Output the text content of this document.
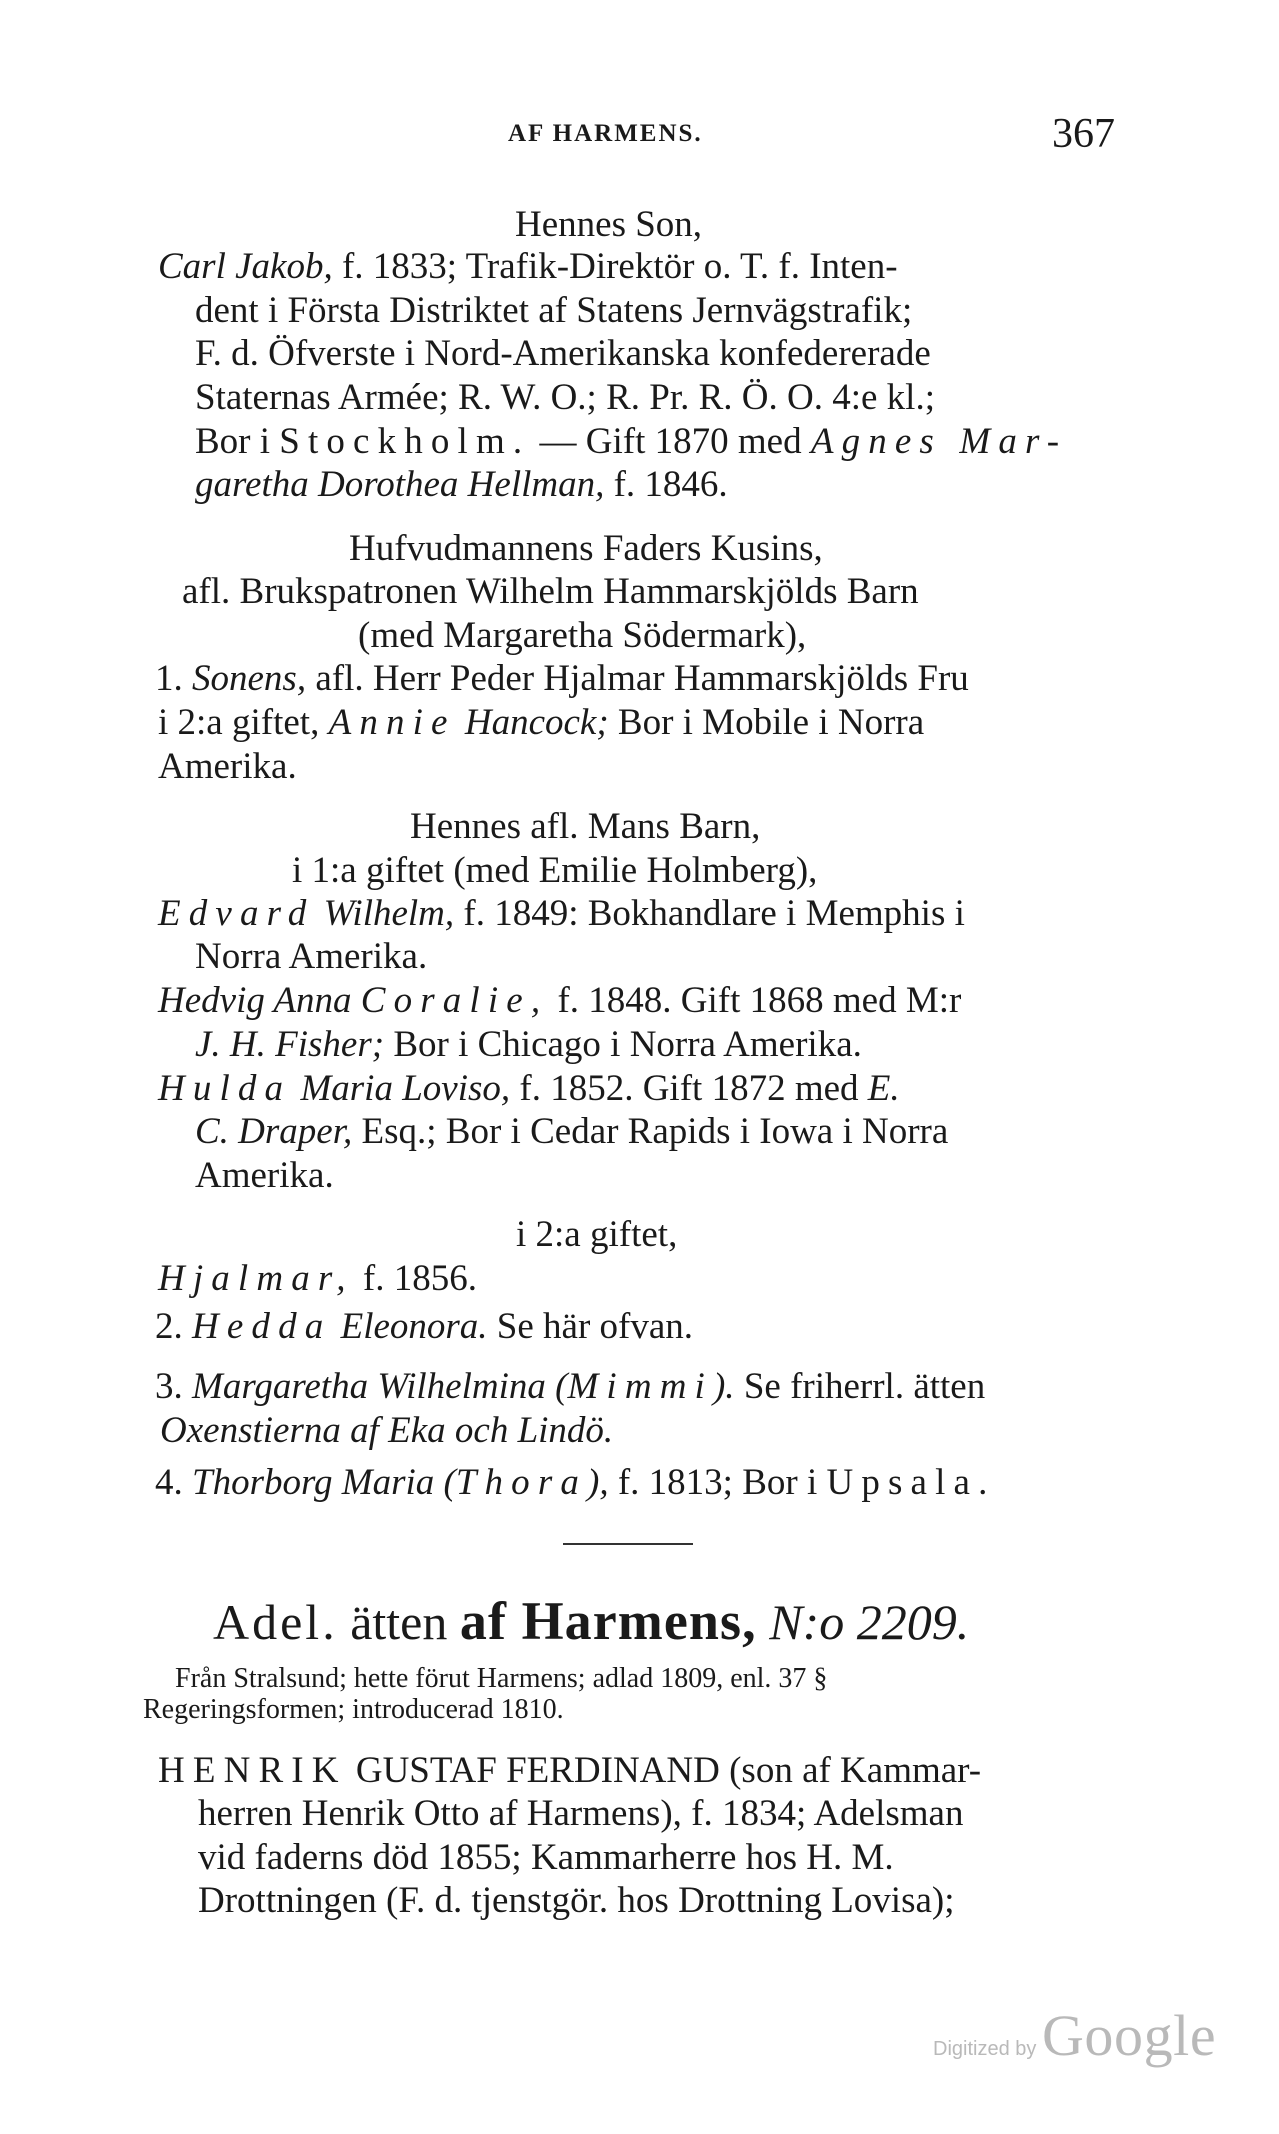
AF HARMENS.	367
Hennes Son,
Carl Jakob, f. 1833; Trafik-Direktör o. T. f. Inten-
dent i Första Distriktet af Statens Jernvägstrafik;
F. d. Öfverste i Nord-Amerikanska konfedererade
Staternas Armée; R. W. O.; R. Pr. R. Ö. O. 4:e kl.;
Bor i Stockholm. — Gift 1870 med Agnes Mar-
garetha Dorothea Hellman, f. 1846.
Hufvudmannens Faders Kusins,
afl. Brukspatronen Wilhelm Hammarskjölds Barn
(med Margaretha Södermark),
1. Sonens, afl. Herr Peder Hjalmar Hammarskjölds Fru
i 2:a giftet, Annie Hancock; Bor i Mobile i Norra
Amerika.
Hennes afl. Mans Barn,
i 1:a giftet (med Emilie Holmberg),
Edvard Wilhelm, f. 1849: Bokhandlare i Memphis i
Norra Amerika.
Hedvig Anna Coralie, f. 1848. Gift 1868 med M:r
J. H. Fisher; Bor i Chicago i Norra Amerika.
Hulda Maria Loviso, f. 1852. Gift 1872 med E.
C. Draper, Esq.; Bor i Cedar Rapids i Iowa i Norra
Amerika.
i 2:a giftet,
Hjalmar, f. 1856.
2. Hedda Eleonora. Se här ofvan.
3. Margaretha Wilhelmina (Mimmi). Se friherrl. ätten
Oxenstierna af Eka och Lindö.
4. Thorborg Maria (Thora), f. 1813; Bor i Upsala.
Adel. ätten af Harmens, N:o 2209.
Från Stralsund; hette förut Harmens; adlad 1809, enl. 37 §
Regeringsformen; introducerad 1810.
HENRIK GUSTAF FERDINAND (son af Kammar-
herren Henrik Otto af Harmens), f. 1834; Adelsman
vid faderns död 1855; Kammarherre hos H. M.
Drottningen (F. d. tjenstgör. hos Drottning Lovisa);
Digitized by Google
